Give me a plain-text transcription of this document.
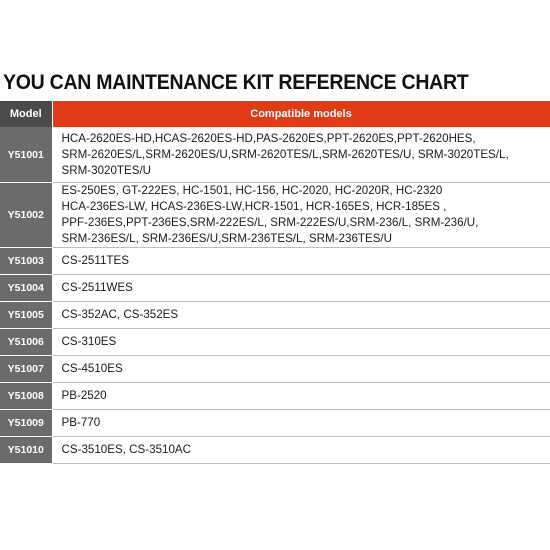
YOU CAN MAINTENANCE KIT REFERENCE CHART
Model	Compatible models
Y51001	HCA-2620ES-HD,HCAS-2620ES-HD,PAS-2620ES,PPT-2620ES,PPT-2620HES,
SRM-2620ES/L,SRM-2620ES/U,SRM-2620TES/L,SRM-2620TES/U, SRM-3020TES/L,
SRM-3020TES/U

Y51002	ES-250ES, GT-222ES, HC-1501, HC-156, HC-2020, HC-2020R, HC-2320
HCA-236ES-LW, HCAS-236ES-LW,HCR-1501, HCR-165ES, HCR-185ES ,
PPF-236ES,PPT-236ES,SRM-222ES/L, SRM-222ES/U,SRM-236/L, SRM-236/U,
SRM-236ES/L, SRM-236ES/U,SRM-236TES/L, SRM-236TES/U

Y51003	CS-2511TES
Y51004	CS-2511WES
Y51005	CS-352AC, CS-352ES
Y51006	CS-310ES
Y51007	CS-4510ES
Y51008	PB-2520
Y51009	PB-770
Y51010	CS-3510ES, CS-3510AC
